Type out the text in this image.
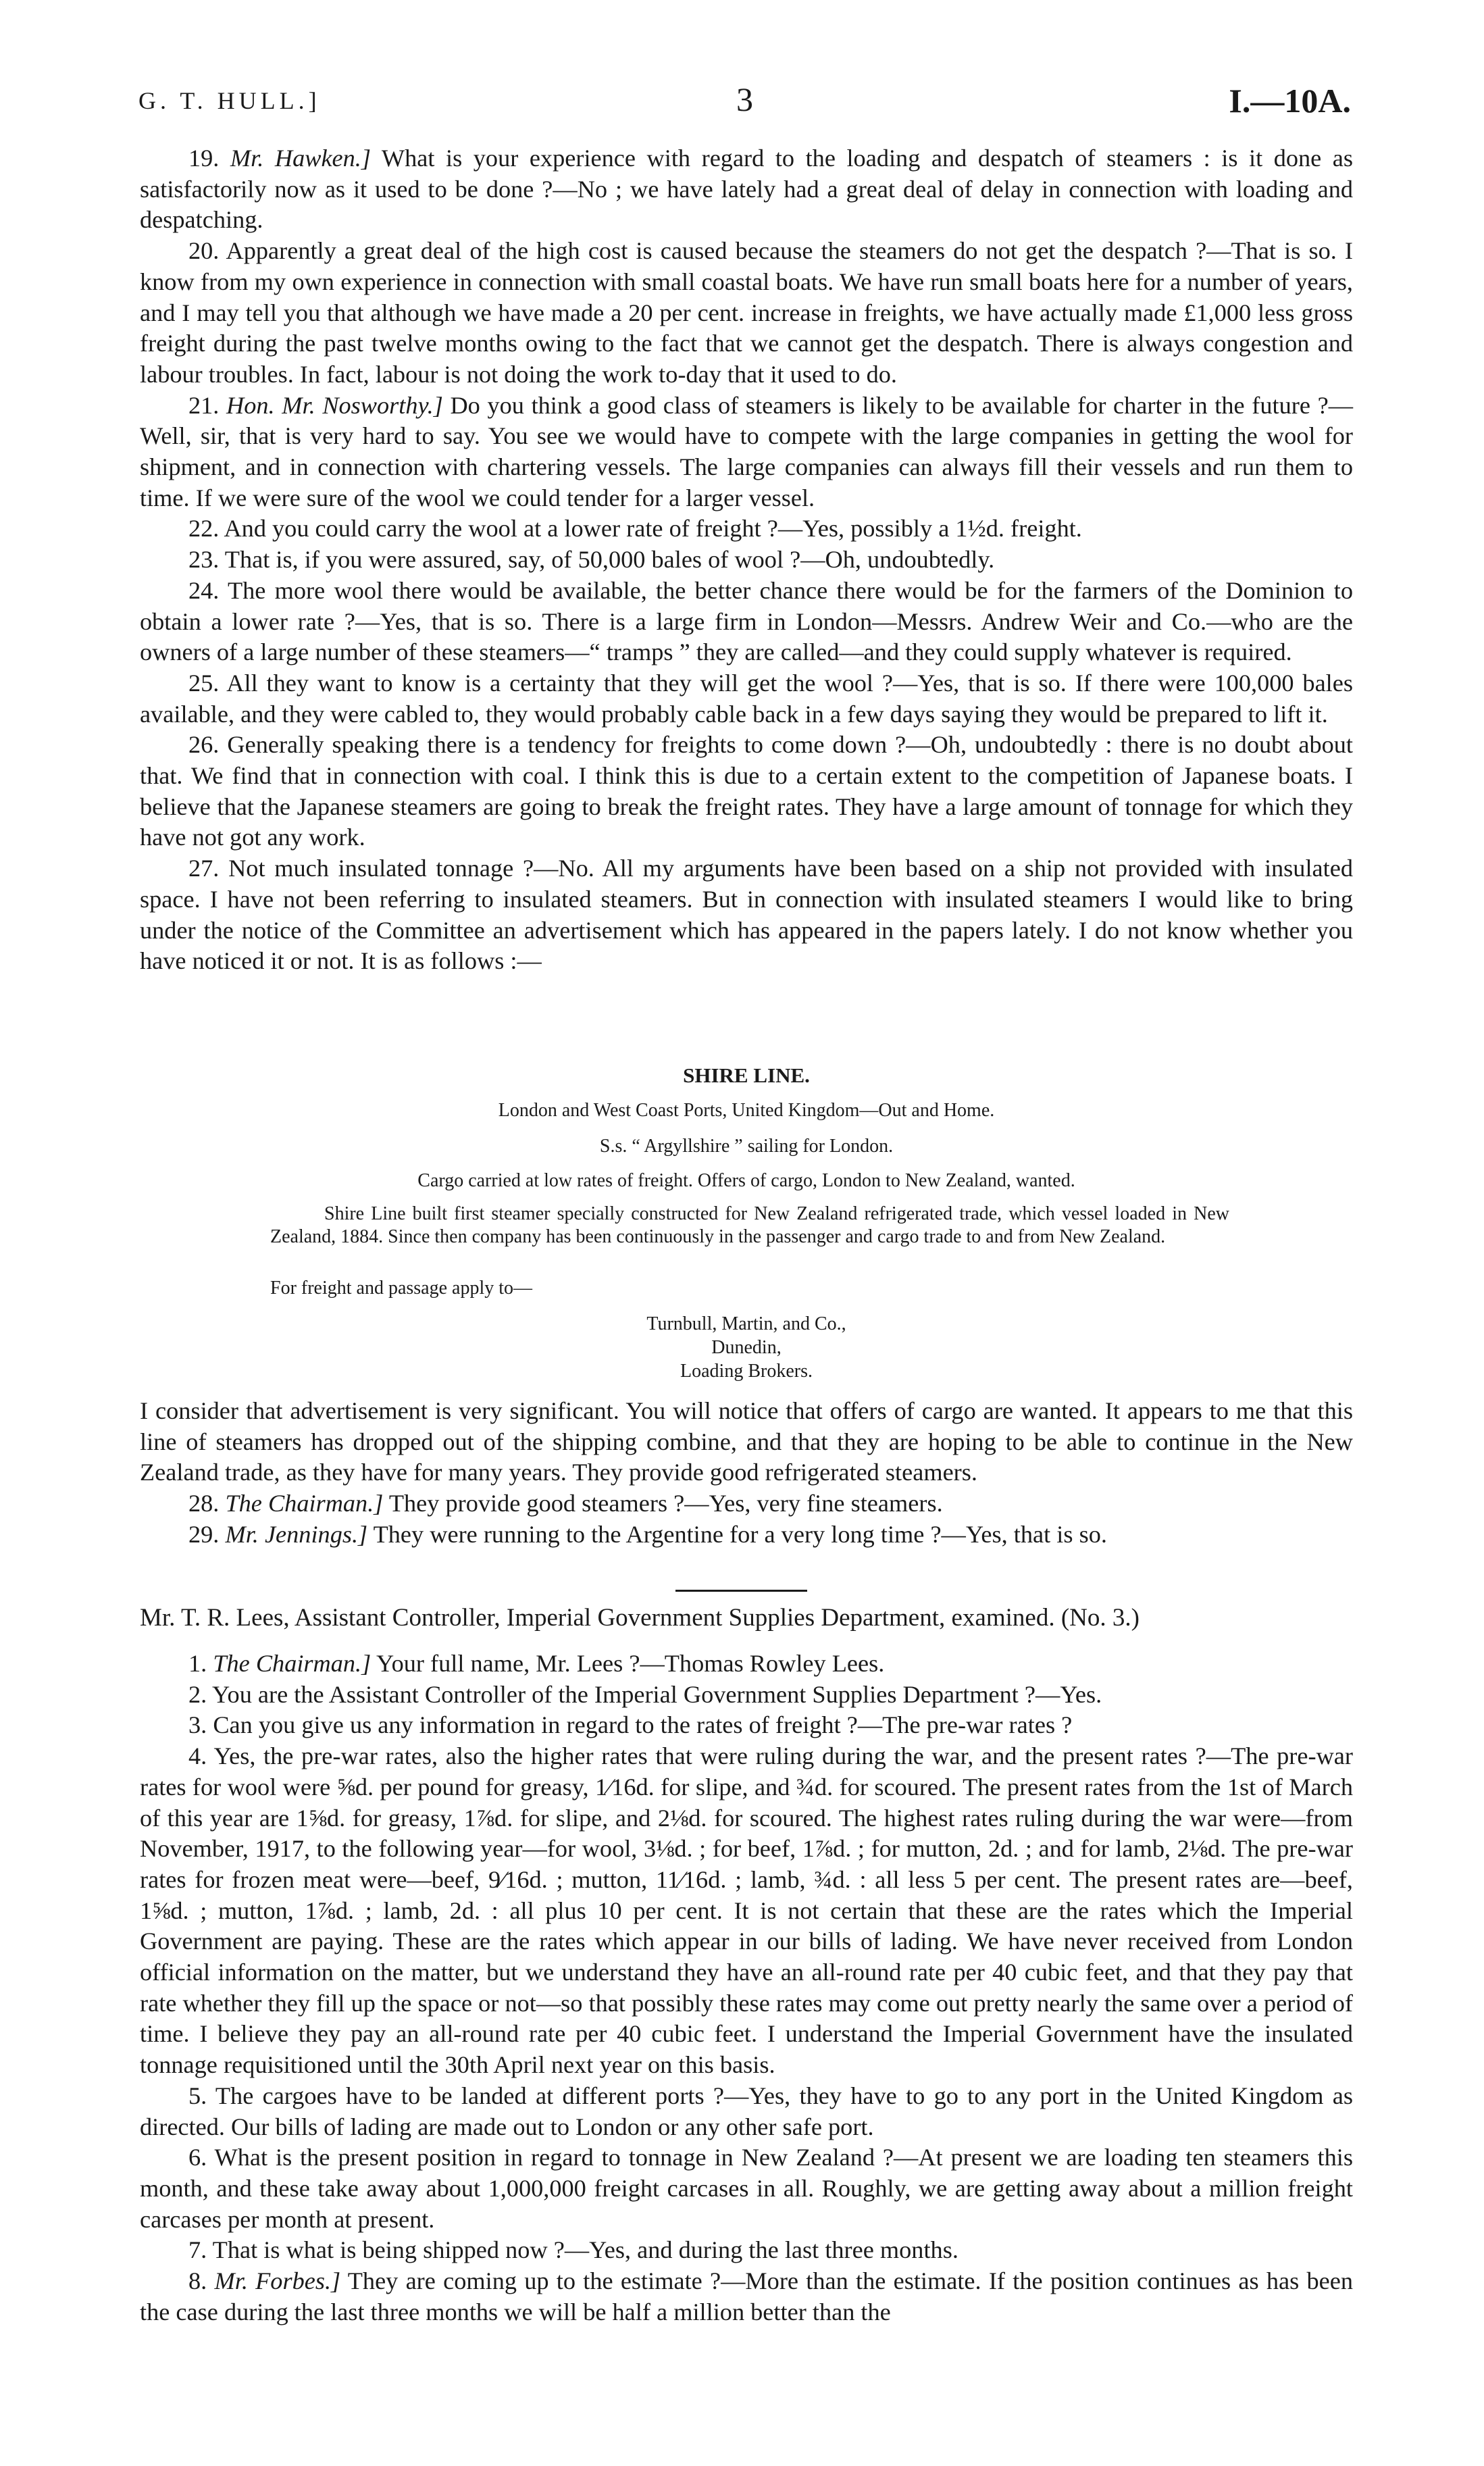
G. T. HULL.]	3	I.—10A.

19. Mr. Hawken.] What is your experience with regard to the loading and despatch of steamers : is it done as satisfactorily now as it used to be done ?—No ; we have lately had a great deal of delay in connection with loading and despatching.

20. Apparently a great deal of the high cost is caused because the steamers do not get the despatch ?—That is so. I know from my own experience in connection with small coastal boats. We have run small boats here for a number of years, and I may tell you that although we have made a 20 per cent. increase in freights, we have actually made £1,000 less gross freight during the past twelve months owing to the fact that we cannot get the despatch. There is always congestion and labour troubles. In fact, labour is not doing the work to-day that it used to do.

21. Hon. Mr. Nosworthy.] Do you think a good class of steamers is likely to be available for charter in the future ?—Well, sir, that is very hard to say. You see we would have to compete with the large companies in getting the wool for shipment, and in connection with chartering vessels. The large companies can always fill their vessels and run them to time. If we were sure of the wool we could tender for a larger vessel.

22. And you could carry the wool at a lower rate of freight ?—Yes, possibly a 1½d. freight.

23. That is, if you were assured, say, of 50,000 bales of wool ?—Oh, undoubtedly.

24. The more wool there would be available, the better chance there would be for the farmers of the Dominion to obtain a lower rate ?—Yes, that is so. There is a large firm in London—Messrs. Andrew Weir and Co.—who are the owners of a large number of these steamers—“ tramps ” they are called—and they could supply whatever is required.

25. All they want to know is a certainty that they will get the wool ?—Yes, that is so. If there were 100,000 bales available, and they were cabled to, they would probably cable back in a few days saying they would be prepared to lift it.

26. Generally speaking there is a tendency for freights to come down ?—Oh, undoubtedly : there is no doubt about that. We find that in connection with coal. I think this is due to a certain extent to the competition of Japanese boats. I believe that the Japanese steamers are going to break the freight rates. They have a large amount of tonnage for which they have not got any work.

27. Not much insulated tonnage ?—No. All my arguments have been based on a ship not provided with insulated space. I have not been referring to insulated steamers. But in connection with insulated steamers I would like to bring under the notice of the Committee an advertisement which has appeared in the papers lately. I do not know whether you have noticed it or not. It is as follows :—

SHIRE LINE.
London and West Coast Ports, United Kingdom—Out and Home.
S.s. “ Argyllshire ” sailing for London.
Cargo carried at low rates of freight. Offers of cargo, London to New Zealand, wanted.

Shire Line built first steamer specially constructed for New Zealand refrigerated trade, which vessel loaded in New Zealand, 1884. Since then company has been continuously in the passenger and cargo trade to and from New Zealand.

For freight and passage apply to—
Turnbull, Martin, and Co.,
Dunedin,
Loading Brokers.

I consider that advertisement is very significant. You will notice that offers of cargo are wanted. It appears to me that this line of steamers has dropped out of the shipping combine, and that they are hoping to be able to continue in the New Zealand trade, as they have for many years. They provide good refrigerated steamers.

28. The Chairman.] They provide good steamers ?—Yes, very fine steamers.

29. Mr. Jennings.] They were running to the Argentine for a very long time ?—Yes, that is so.

Mr. T. R. Lees, Assistant Controller, Imperial Government Supplies Department, examined. (No. 3.)

1. The Chairman.] Your full name, Mr. Lees ?—Thomas Rowley Lees.

2. You are the Assistant Controller of the Imperial Government Supplies Department ?—Yes.

3. Can you give us any information in regard to the rates of freight ?—The pre-war rates ?

4. Yes, the pre-war rates, also the higher rates that were ruling during the war, and the present rates ?—The pre-war rates for wool were ⅝d. per pound for greasy, 1⁄16d. for slipe, and ¾d. for scoured. The present rates from the 1st of March of this year are 1⅝d. for greasy, 1⅞d. for slipe, and 2⅛d. for scoured. The highest rates ruling during the war were—from November, 1917, to the following year—for wool, 3⅛d. ; for beef, 1⅞d. ; for mutton, 2d. ; and for lamb, 2⅛d. The pre-war rates for frozen meat were—beef, 9⁄16d. ; mutton, 11⁄16d. ; lamb, ¾d. : all less 5 per cent. The present rates are—beef, 1⅝d. ; mutton, 1⅞d. ; lamb, 2d. : all plus 10 per cent. It is not certain that these are the rates which the Imperial Government are paying. These are the rates which appear in our bills of lading. We have never received from London official information on the matter, but we understand they have an all-round rate per 40 cubic feet, and that they pay that rate whether they fill up the space or not—so that possibly these rates may come out pretty nearly the same over a period of time. I believe they pay an all-round rate per 40 cubic feet. I understand the Imperial Government have the insulated tonnage requisitioned until the 30th April next year on this basis.

5. The cargoes have to be landed at different ports ?—Yes, they have to go to any port in the United Kingdom as directed. Our bills of lading are made out to London or any other safe port.

6. What is the present position in regard to tonnage in New Zealand ?—At present we are loading ten steamers this month, and these take away about 1,000,000 freight carcases in all. Roughly, we are getting away about a million freight carcases per month at present.

7. That is what is being shipped now ?—Yes, and during the last three months.

8. Mr. Forbes.] They are coming up to the estimate ?—More than the estimate. If the position continues as has been the case during the last three months we will be half a million better than the
